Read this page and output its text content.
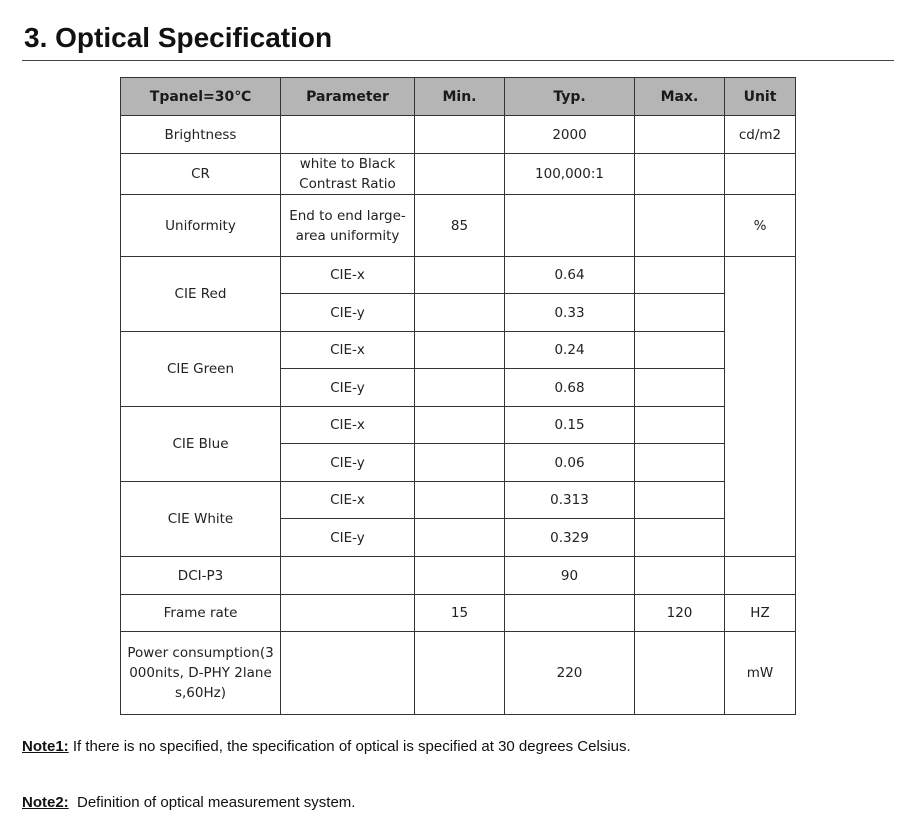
3. Optical Specification
Tpanel=30℃	Parameter	Min.	Typ.	Max.	Unit
Brightness			2000		cd/m2
CR	white to Black Contrast Ratio		100,000:1		
Uniformity	End to end large-area uniformity	85			%
CIE Red	CIE-x		0.64		
	CIE-y		0.33		
CIE Green	CIE-x		0.24		
	CIE-y		0.68		
CIE Blue	CIE-x		0.15		
	CIE-y		0.06		
CIE White	CIE-x		0.313		
	CIE-y		0.329		
DCI-P3			90		
Frame rate		15		120	HZ
Power consumption(3000nits, D-PHY 2lanes,60Hz)			220		mW
Note1: If there is no specified, the specification of optical is specified at 30 degrees Celsius.
Note2:  Definition of optical measurement system.
